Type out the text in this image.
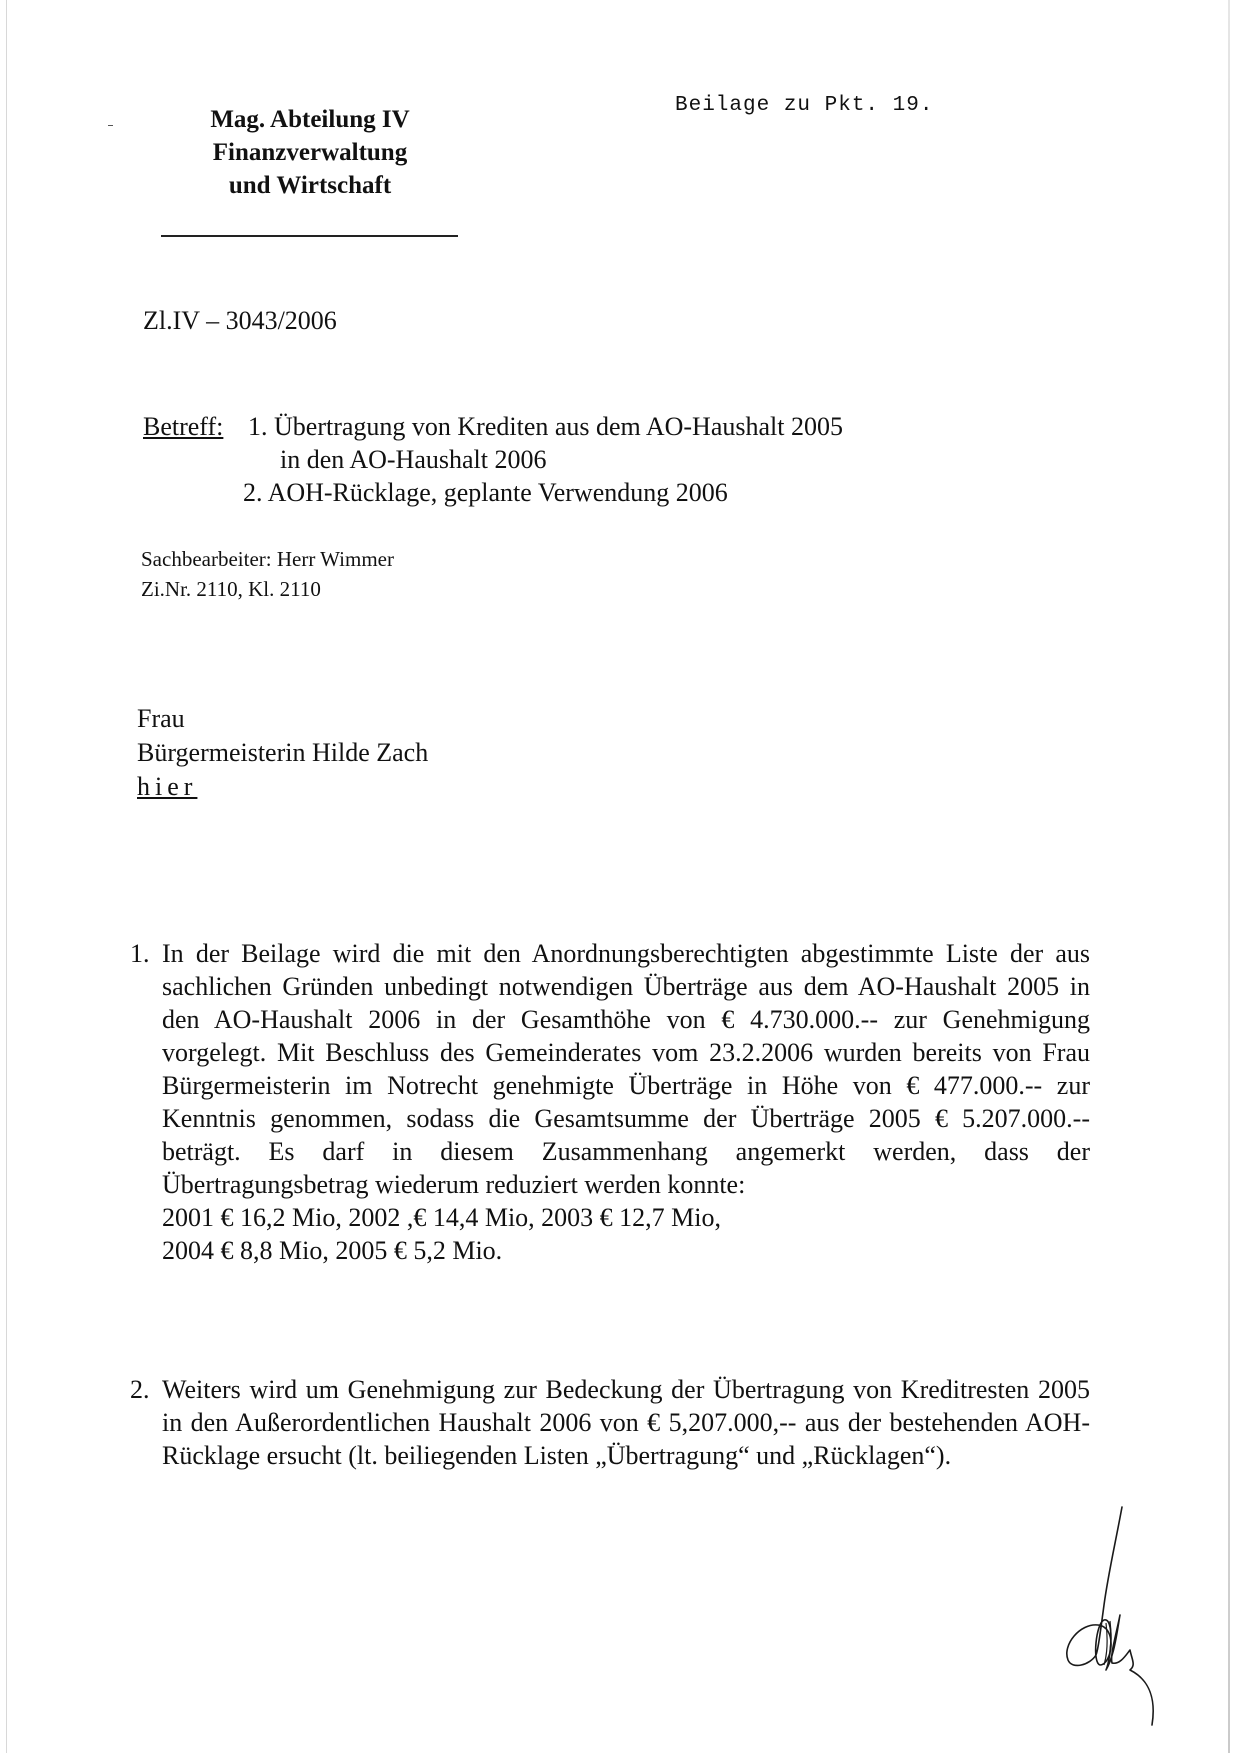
Mag. Abteilung IV
Finanzverwaltung
und Wirtschaft
Beilage zu Pkt. 19.
Zl.IV – 3043/2006
Betreff: 1. Übertragung von Krediten aus dem AO-Haushalt 2005
in den AO-Haushalt 2006
2. AOH-Rücklage, geplante Verwendung 2006
Sachbearbeiter: Herr Wimmer
Zi.Nr. 2110, Kl. 2110
Frau
Bürgermeisterin Hilde Zach
hier
1. In der Beilage wird die mit den Anordnungsberechtigten abgestimmte Liste der aus sachlichen Gründen unbedingt notwendigen Überträge aus dem AO-Haushalt 2005 in den AO-Haushalt 2006 in der Gesamthöhe von € 4.730.000.-- zur Genehmigung vorgelegt. Mit Beschluss des Gemeinderates vom 23.2.2006 wurden bereits von Frau Bürgermeisterin im Notrecht genehmigte Überträge in Höhe von € 477.000.-- zur Kenntnis genommen, sodass die Gesamtsumme der Überträge 2005 € 5.207.000.-- beträgt. Es darf in diesem Zusammenhang angemerkt werden, dass der Übertragungsbetrag wiederum reduziert werden konnte:

2001 € 16,2 Mio, 2002 ,€ 14,4 Mio, 2003 € 12,7 Mio,

2004 € 8,8 Mio, 2005 € 5,2 Mio.

2. Weiters wird um Genehmigung zur Bedeckung der Übertragung von Kreditresten 2005 in den Außerordentlichen Haushalt 2006 von € 5,207.000,-- aus der bestehenden AOH-Rücklage ersucht (lt. beiliegenden Listen „Übertragung“ und „Rücklagen“).
